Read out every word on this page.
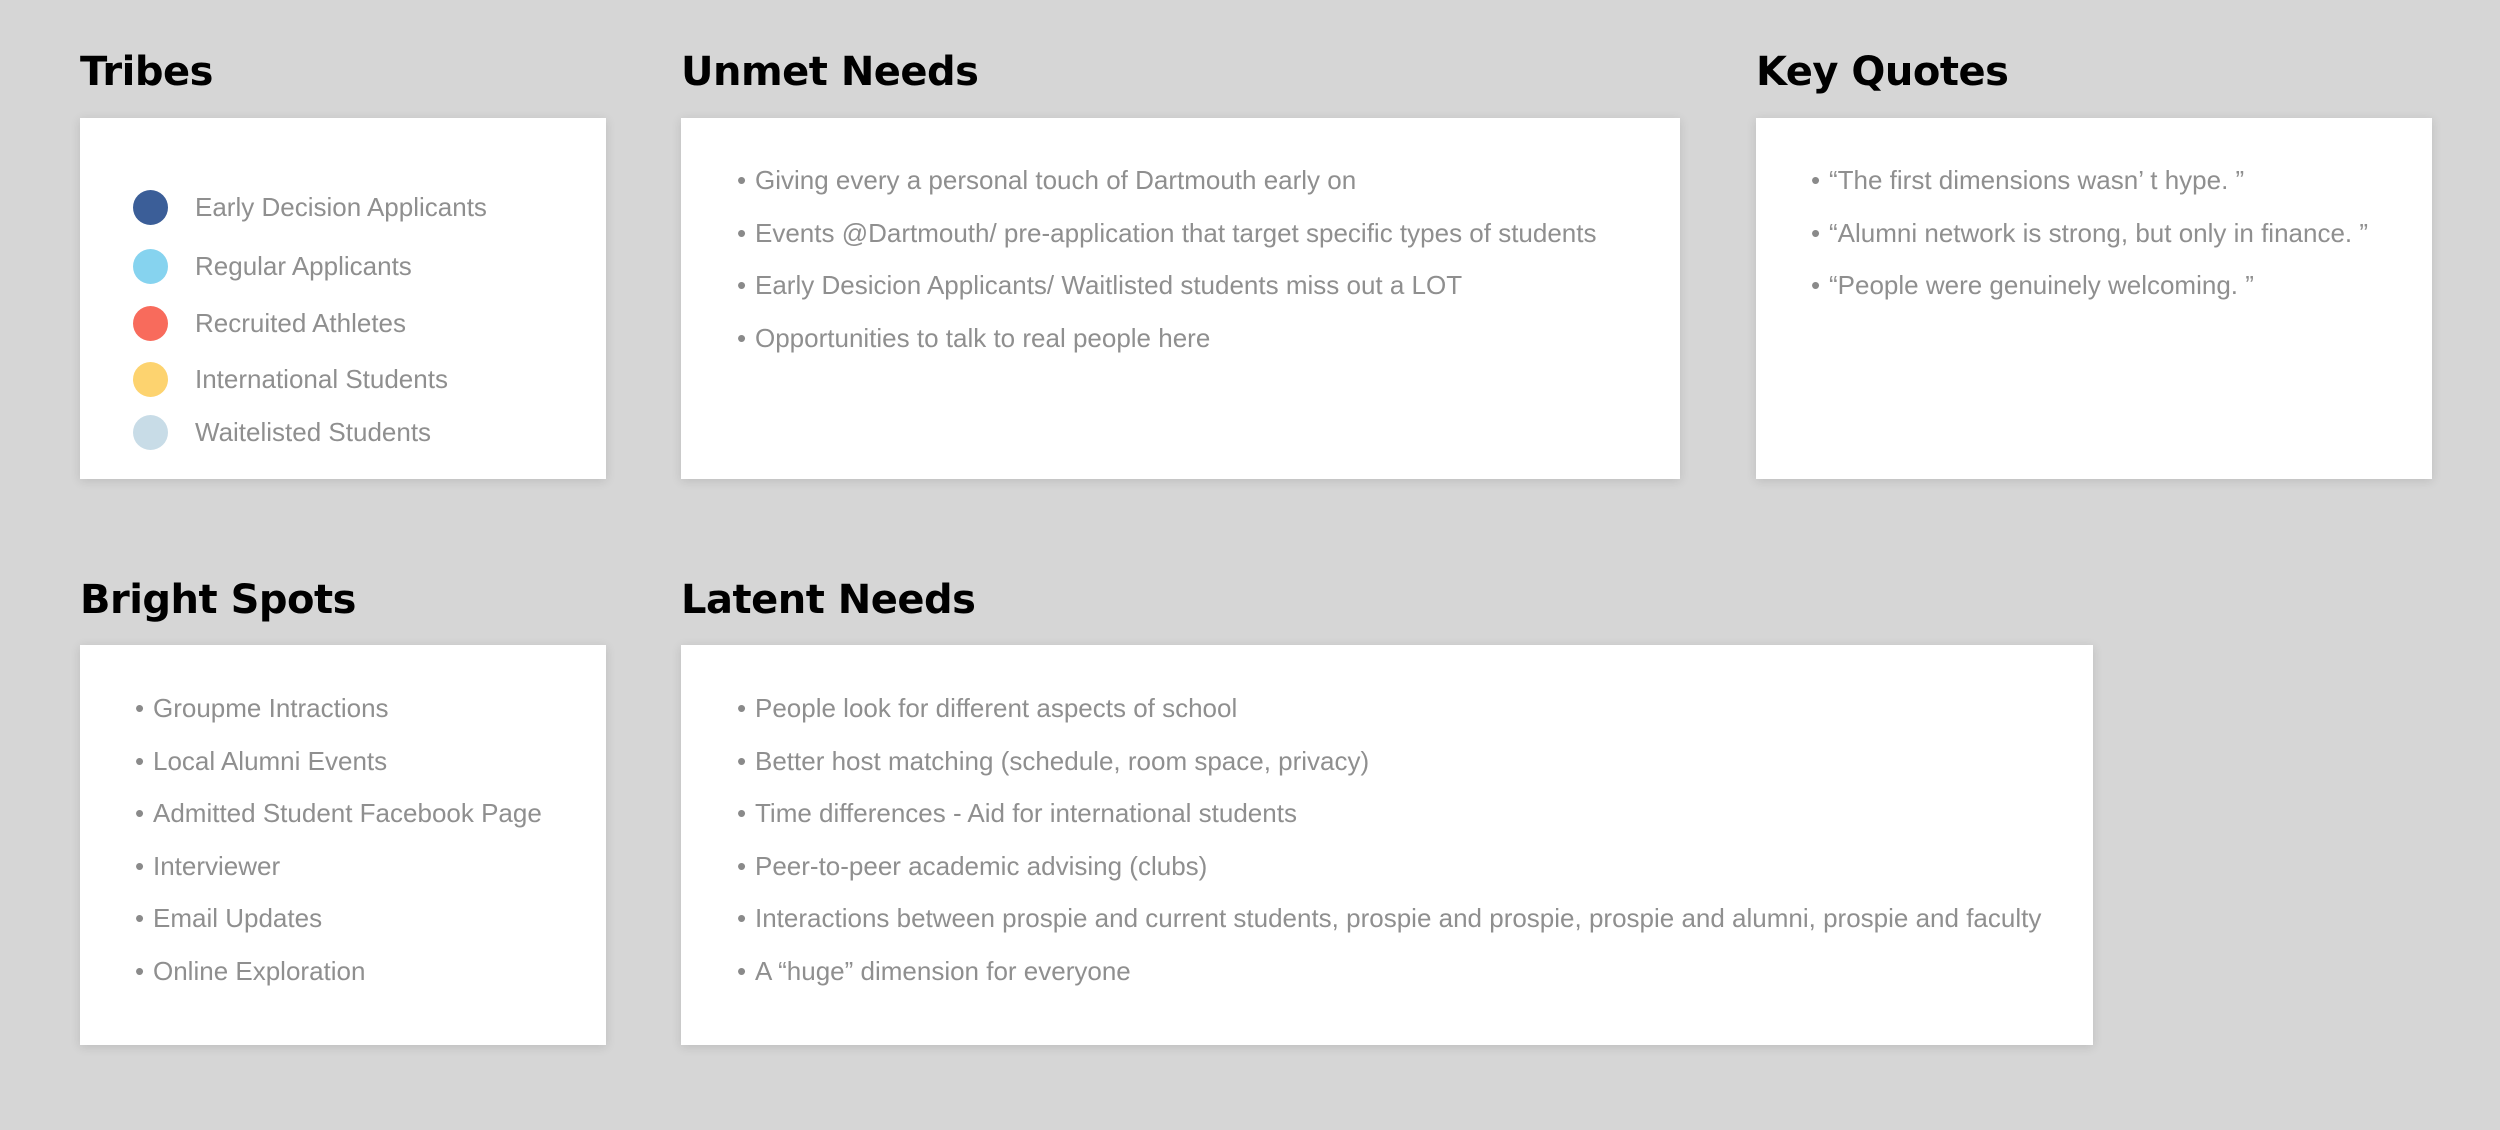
Tribes
Early Decision Applicants
Regular Applicants
Recruited Athletes
International Students
Waitelisted Students
Unmet Needs
• Giving every a personal touch of Dartmouth early on
• Events @Dartmouth/ pre-application that target specific types of students
• Early Desicion Applicants/ Waitlisted students miss out a LOT
• Opportunities to talk to real people here
Key Quotes
• “The first dimensions wasn’ t hype. ”
• “Alumni network is strong, but only in finance. ”
• “People were genuinely welcoming. ”
Bright Spots
• Groupme Intractions
• Local Alumni Events
• Admitted Student Facebook Page
• Interviewer
• Email Updates
• Online Exploration
Latent Needs
• People look for different aspects of school
• Better host matching (schedule, room space, privacy)
• Time differences - Aid for international students
• Peer-to-peer academic advising (clubs)
• Interactions between prospie and current students, prospie and prospie, prospie and alumni, prospie and faculty
• A “huge” dimension for everyone
